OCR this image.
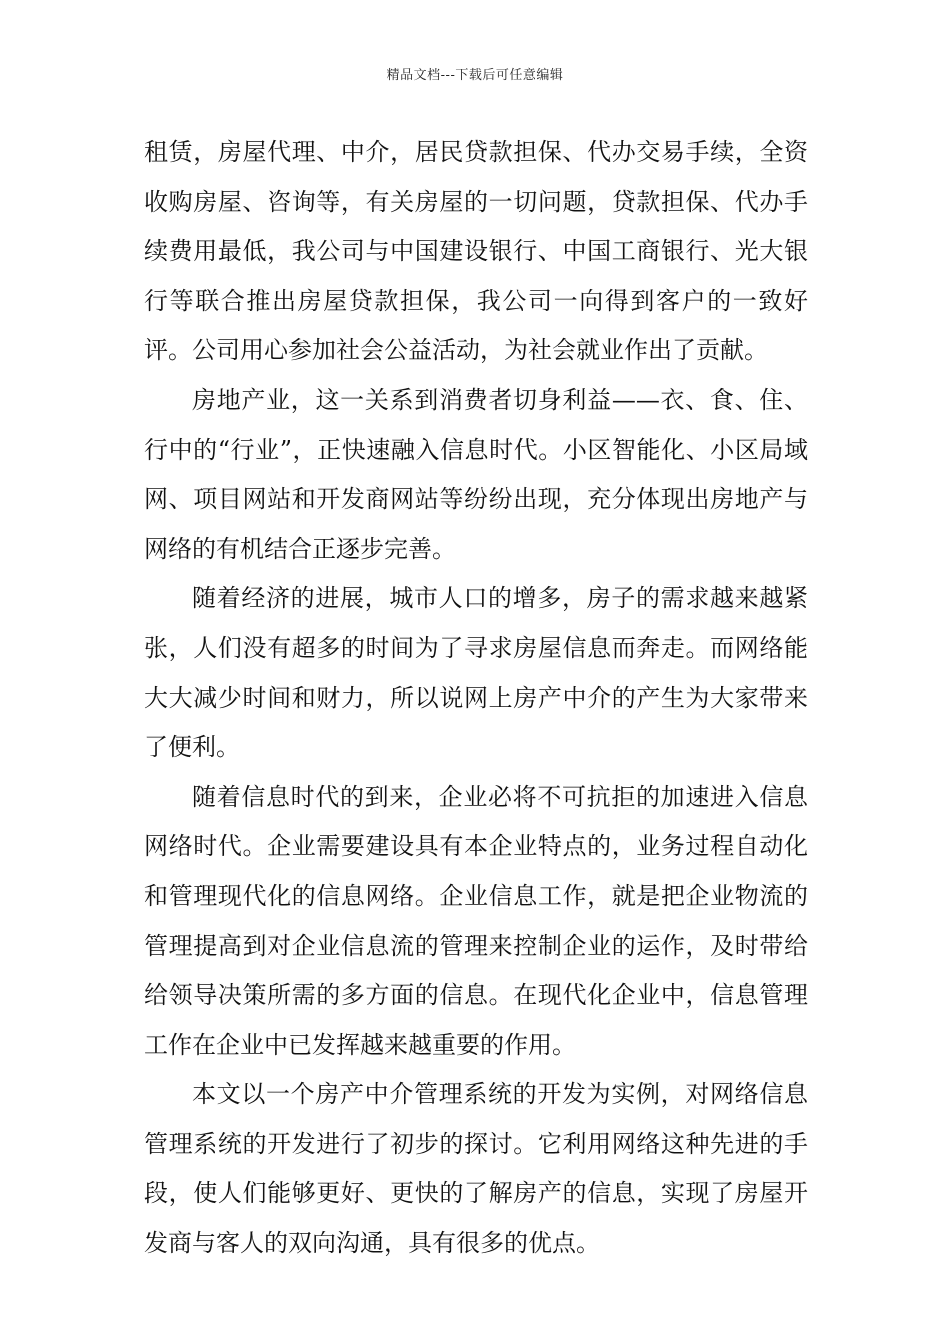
精品文档---下载后可任意编辑

租赁，房屋代理、中介，居民贷款担保、代办交易手续，全资收购房屋、咨询等，有关房屋的一切问题，贷款担保、代办手续费用最低，我公司与中国建设银行、中国工商银行、光大银行等联合推出房屋贷款担保，我公司一向得到客户的一致好评。公司用心参加社会公益活动，为社会就业作出了贡献。

房地产业，这一关系到消费者切身利益——衣、食、住、行中的“行业”，正快速融入信息时代。小区智能化、小区局域网、项目网站和开发商网站等纷纷出现，充分体现出房地产与网络的有机结合正逐步完善。

随着经济的进展，城市人口的增多，房子的需求越来越紧张，人们没有超多的时间为了寻求房屋信息而奔走。而网络能大大减少时间和财力，所以说网上房产中介的产生为大家带来了便利。

随着信息时代的到来，企业必将不可抗拒的加速进入信息网络时代。企业需要建设具有本企业特点的，业务过程自动化和管理现代化的信息网络。企业信息工作，就是把企业物流的管理提高到对企业信息流的管理来控制企业的运作，及时带给给领导决策所需的多方面的信息。在现代化企业中，信息管理工作在企业中已发挥越来越重要的作用。

本文以一个房产中介管理系统的开发为实例，对网络信息管理系统的开发进行了初步的探讨。它利用网络这种先进的手段，使人们能够更好、更快的了解房产的信息，实现了房屋开发商与客人的双向沟通，具有很多的优点。
